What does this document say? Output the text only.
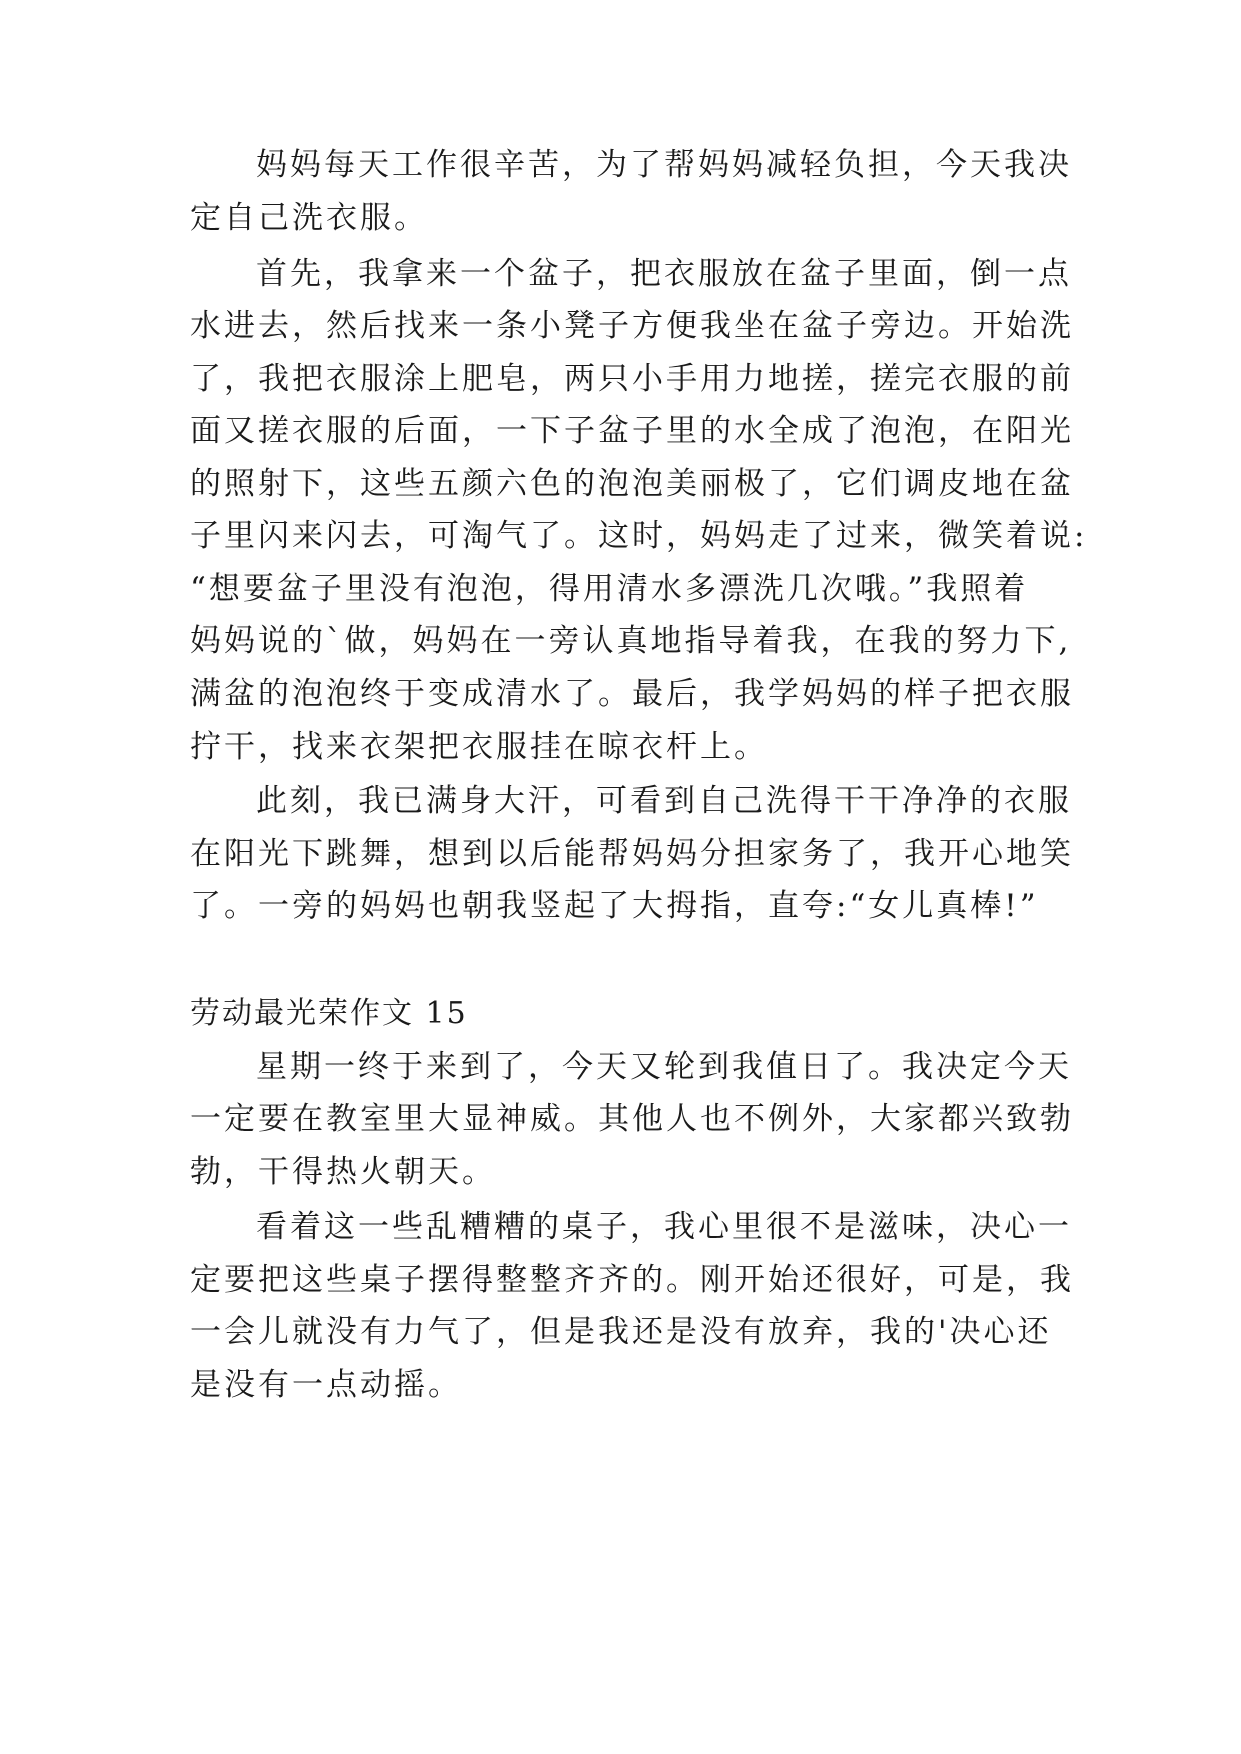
妈妈每天工作很辛苦，为了帮妈妈减轻负担，今天我决
定自己洗衣服。
首先，我拿来一个盆子，把衣服放在盆子里面，倒一点
水进去，然后找来一条小凳子方便我坐在盆子旁边。开始洗
了，我把衣服涂上肥皂，两只小手用力地搓，搓完衣服的前
面又搓衣服的后面，一下子盆子里的水全成了泡泡，在阳光
的照射下，这些五颜六色的泡泡美丽极了，它们调皮地在盆
子里闪来闪去，可淘气了。这时，妈妈走了过来，微笑着说:
“想要盆子里没有泡泡，得用清水多漂洗几次哦。”我照着
妈妈说的`做，妈妈在一旁认真地指导着我，在我的努力下,
满盆的泡泡终于变成清水了。最后，我学妈妈的样子把衣服
拧干，找来衣架把衣服挂在晾衣杆上。
此刻，我已满身大汗，可看到自己洗得干干净净的衣服
在阳光下跳舞，想到以后能帮妈妈分担家务了，我开心地笑
了。一旁的妈妈也朝我竖起了大拇指，直夸:“女儿真棒!”
劳动最光荣作文 15
星期一终于来到了，今天又轮到我值日了。我决定今天
一定要在教室里大显神威。其他人也不例外，大家都兴致勃
勃，干得热火朝天。
看着这一些乱糟糟的桌子，我心里很不是滋味，决心一
定要把这些桌子摆得整整齐齐的。刚开始还很好，可是，我
一会儿就没有力气了，但是我还是没有放弃，我的'决心还
是没有一点动摇。
